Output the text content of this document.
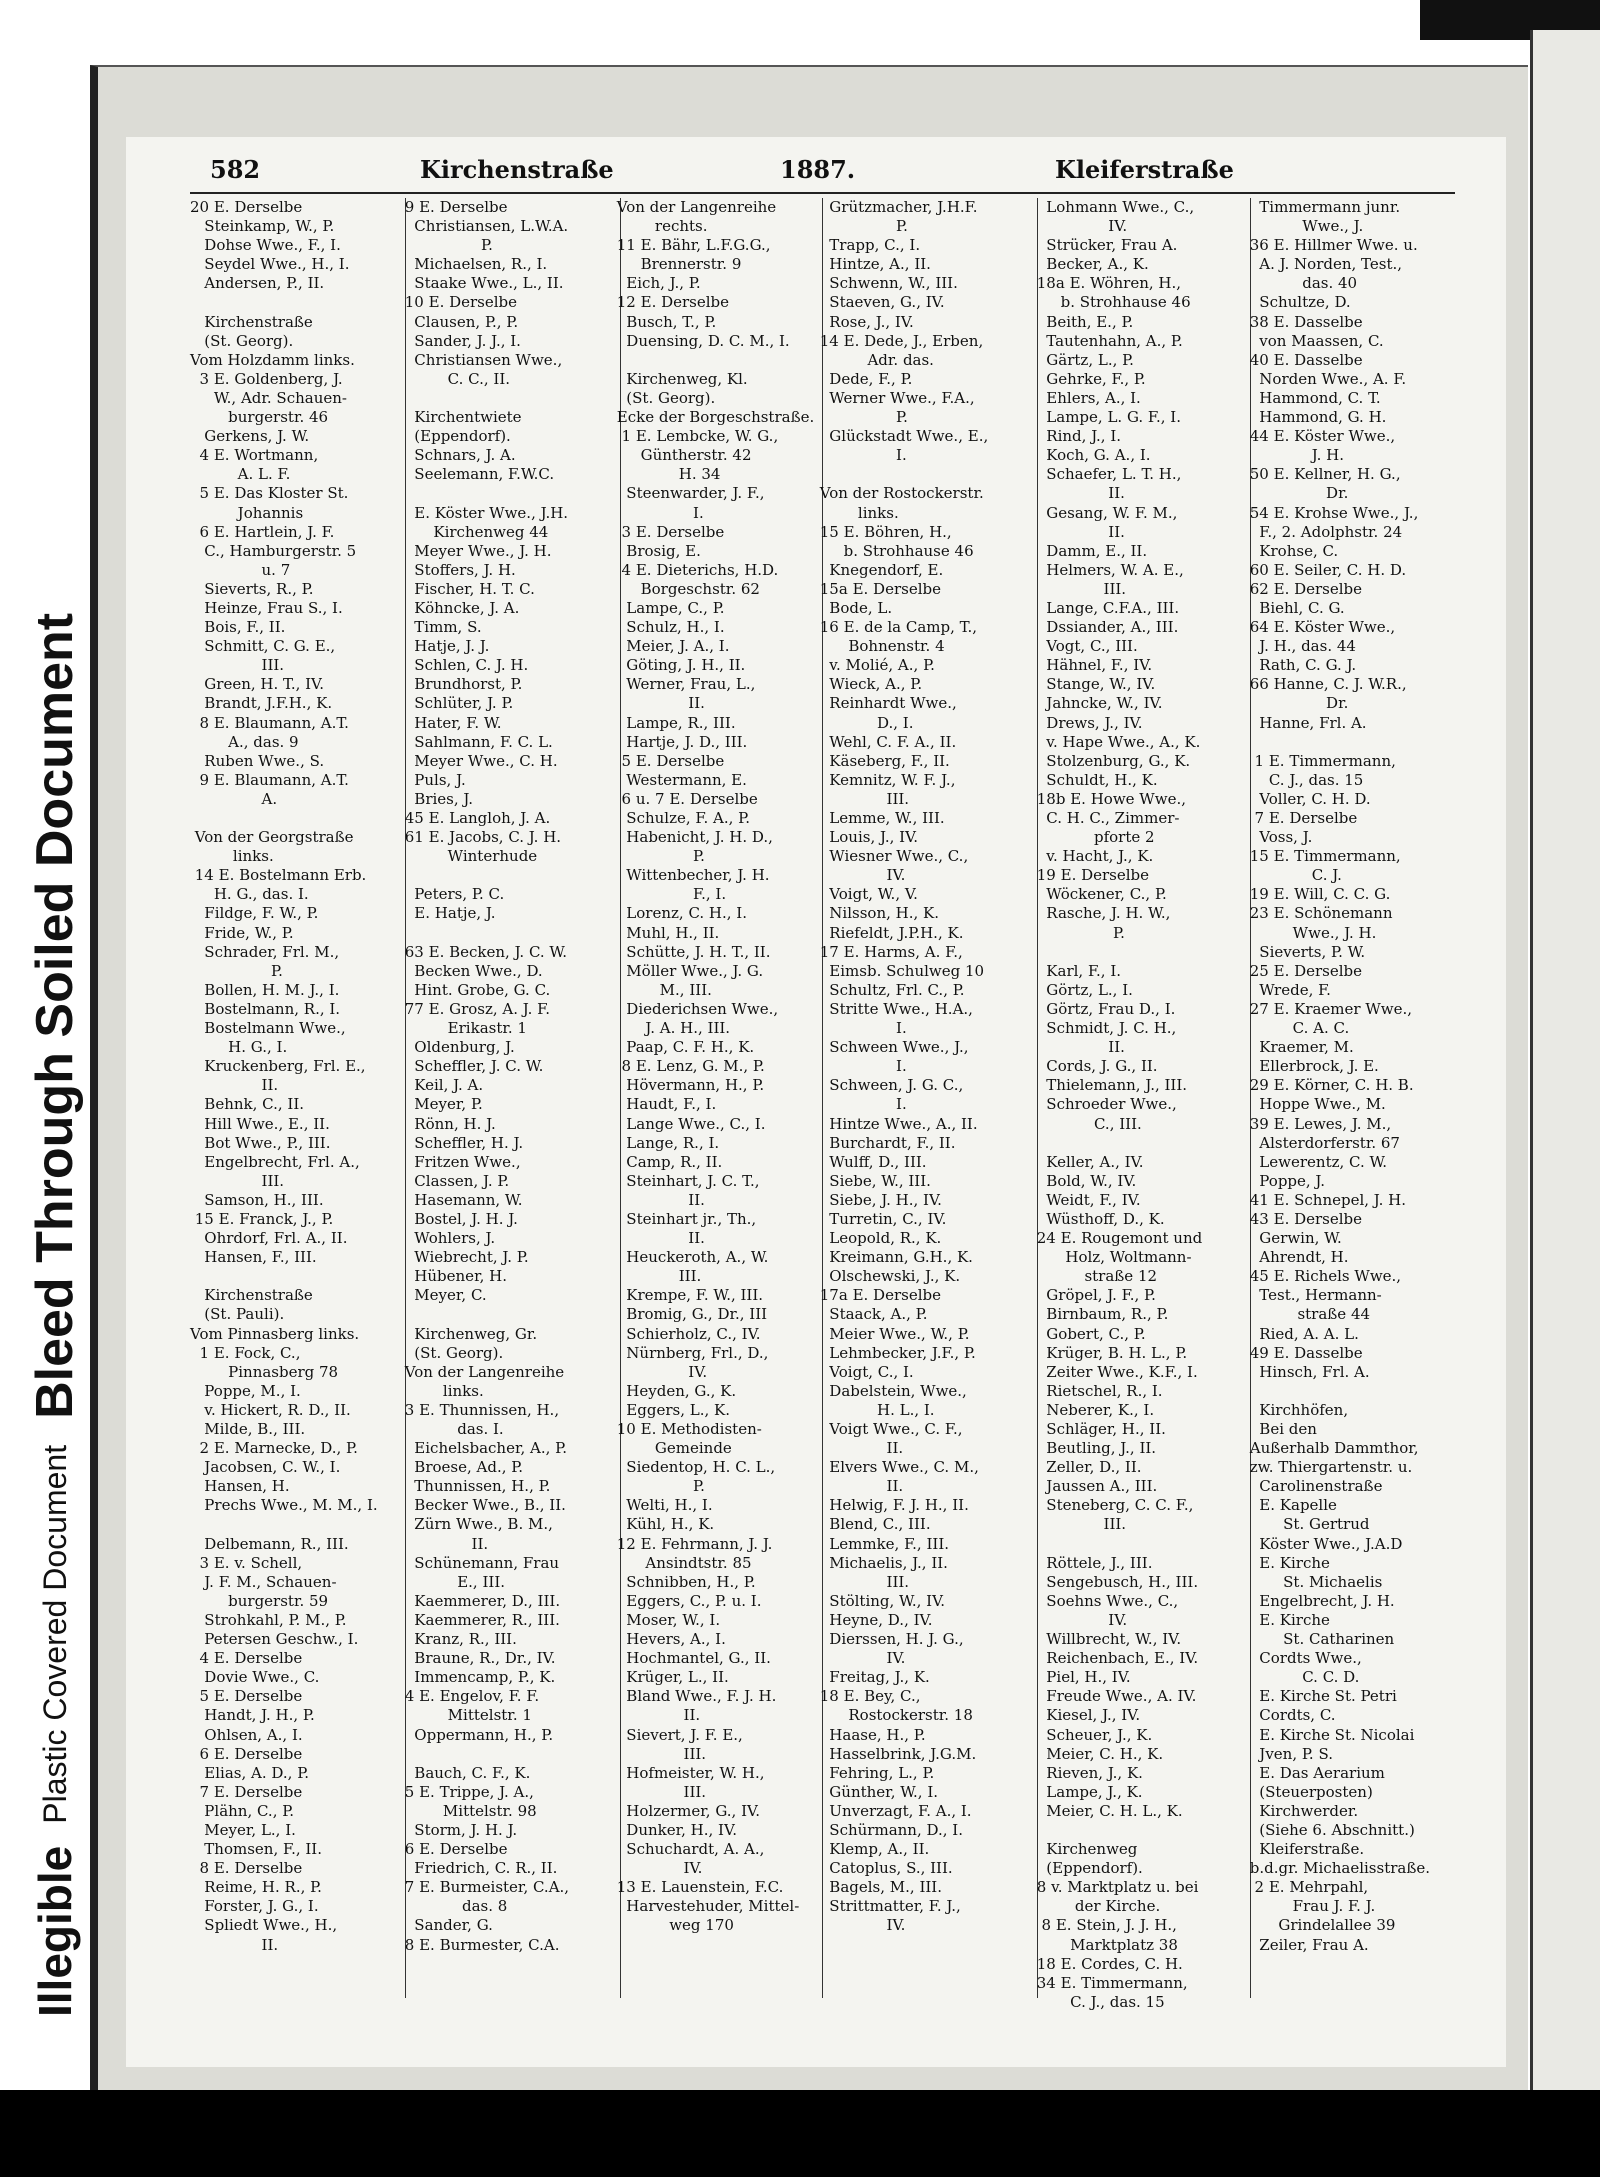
Illegible
Plastic Covered Document
Bleed Through Soiled Document
582	Kirchenstraße	1887.	Kleiferstraße
20 E. Derselbe
Steinkamp, W., P.
Dohse Wwe., F., I.
Seydel Wwe., H., I.
Andersen, P., II.
Kirchenstraße
(St. Georg).
Vom Holzdamm links.
3 E. Goldenberg, J.
W., Adr. Schauen-
burgerstr. 46
Gerkens, J. W.
4 E. Wortmann,
A. L. F.
5 E. Das Kloster St.
Johannis
6 E. Hartlein, J. F.
C., Hamburgerstr. 5
u. 7
Sieverts, R., P.
Heinze, Frau S., I.
Bois, F., II.
Schmitt, C. G. E.,
III.
Green, H. T., IV.
Brandt, J.F.H., K.
8 E. Blaumann, A.T.
A., das. 9
Ruben Wwe., S.
9 E. Blaumann, A.T.
A.
Von der Georgstraße
links.
14 E. Bostelmann Erb.
H. G., das. I.
Fildge, F. W., P.
Fride, W., P.
Schrader, Frl. M.,
P.
Bollen, H. M. J., I.
Bostelmann, R., I.
Bostelmann Wwe.,
H. G., I.
Kruckenberg, Frl. E.,
II.
Behnk, C., II.
Hill Wwe., E., II.
Bot Wwe., P., III.
Engelbrecht, Frl. A.,
III.
Samson, H., III.
15 E. Franck, J., P.
Ohrdorf, Frl. A., II.
Hansen, F., III.
Kirchenstraße
(St. Pauli).
Vom Pinnasberg links.
1 E. Fock, C.,
Pinnasberg 78
Poppe, M., I.
v. Hickert, R. D., II.
Milde, B., III.
2 E. Marnecke, D., P.
Jacobsen, C. W., I.
Hansen, H.
Prechs Wwe., M. M., I.
Delbemann, R., III.
3 E. v. Schell,
J. F. M., Schauen-
burgerstr. 59
Strohkahl, P. M., P.
Petersen Geschw., I.
4 E. Derselbe
Dovie Wwe., C.
5 E. Derselbe
Handt, J. H., P.
Ohlsen, A., I.
6 E. Derselbe
Elias, A. D., P.
7 E. Derselbe
Plähn, C., P.
Meyer, L., I.
Thomsen, F., II.
8 E. Derselbe
Reime, H. R., P.
Forster, J. G., I.
Spliedt Wwe., H.,
II.
9 E. Derselbe
Christiansen, L.W.A.
P.
Michaelsen, R., I.
Staake Wwe., L., II.
10 E. Derselbe
Clausen, P., P.
Sander, J. J., I.
Christiansen Wwe.,
C. C., II.
Kirchentwiete
(Eppendorf).
Schnars, J. A.
Seelemann, F.W.C.
E. Köster Wwe., J.H.
Kirchenweg 44
Meyer Wwe., J. H.
Stoffers, J. H.
Fischer, H. T. C.
Köhncke, J. A.
Timm, S.
Hatje, J. J.
Schlen, C. J. H.
Brundhorst, P.
Schlüter, J. P.
Hater, F. W.
Sahlmann, F. C. L.
Meyer Wwe., C. H.
Puls, J.
Bries, J.
45 E. Langloh, J. A.
61 E. Jacobs, C. J. H.
Winterhude
Peters, P. C.
E. Hatje, J.
63 E. Becken, J. C. W.
Becken Wwe., D.
Hint. Grobe, G. C.
77 E. Grosz, A. J. F.
Erikastr. 1
Oldenburg, J.
Scheffler, J. C. W.
Keil, J. A.
Meyer, P.
Rönn, H. J.
Scheffler, H. J.
Fritzen Wwe.,
Classen, J. P.
Hasemann, W.
Bostel, J. H. J.
Wohlers, J.
Wiebrecht, J. P.
Hübener, H.
Meyer, C.
Kirchenweg, Gr.
(St. Georg).
Von der Langenreihe
links.
3 E. Thunnissen, H.,
das. I.
Eichelsbacher, A., P.
Broese, Ad., P.
Thunnissen, H., P.
Becker Wwe., B., II.
Zürn Wwe., B. M.,
II.
Schünemann, Frau
E., III.
Kaemmerer, D., III.
Kaemmerer, R., III.
Kranz, R., III.
Braune, R., Dr., IV.
Immencamp, P., K.
4 E. Engelov, F. F.
Mittelstr. 1
Oppermann, H., P.
Bauch, C. F., K.
5 E. Trippe, J. A.,
Mittelstr. 98
Storm, J. H. J.
6 E. Derselbe
Friedrich, C. R., II.
7 E. Burmeister, C.A.,
das. 8
Sander, G.
8 E. Burmester, C.A.
Von der Langenreihe
rechts.
11 E. Bähr, L.F.G.G.,
Brennerstr. 9
Eich, J., P.
12 E. Derselbe
Busch, T., P.
Duensing, D. C. M., I.
Kirchenweg, Kl.
(St. Georg).
Ecke der Borgeschstraße.
1 E. Lembcke, W. G.,
Güntherstr. 42
H. 34
Steenwarder, J. F.,
I.
3 E. Derselbe
Brosig, E.
4 E. Dieterichs, H.D.
Borgeschstr. 62
Lampe, C., P.
Schulz, H., I.
Meier, J. A., I.
Göting, J. H., II.
Werner, Frau, L.,
II.
Lampe, R., III.
Hartje, J. D., III.
5 E. Derselbe
Westermann, E.
6 u. 7 E. Derselbe
Schulze, F. A., P.
Habenicht, J. H. D.,
P.
Wittenbecher, J. H.
F., I.
Lorenz, C. H., I.
Muhl, H., II.
Schütte, J. H. T., II.
Möller Wwe., J. G.
M., III.
Diederichsen Wwe.,
J. A. H., III.
Paap, C. F. H., K.
8 E. Lenz, G. M., P.
Hövermann, H., P.
Haudt, F., I.
Lange Wwe., C., I.
Lange, R., I.
Camp, R., II.
Steinhart, J. C. T.,
II.
Steinhart jr., Th.,
II.
Heuckeroth, A., W.
III.
Krempe, F. W., III.
Bromig, G., Dr., III
Schierholz, C., IV.
Nürnberg, Frl., D.,
IV.
Heyden, G., K.
Eggers, L., K.
10 E. Methodisten-
Gemeinde
Siedentop, H. C. L.,
P.
Welti, H., I.
Kühl, H., K.
12 E. Fehrmann, J. J.
Ansindtstr. 85
Schnibben, H., P.
Eggers, C., P. u. I.
Moser, W., I.
Hevers, A., I.
Hochmantel, G., II.
Krüger, L., II.
Bland Wwe., F. J. H.
II.
Sievert, J. F. E.,
III.
Hofmeister, W. H.,
III.
Holzermer, G., IV.
Dunker, H., IV.
Schuchardt, A. A.,
IV.
13 E. Lauenstein, F.C.
Harvestehuder, Mittel-
weg 170
Grützmacher, J.H.F.
P.
Trapp, C., I.
Hintze, A., II.
Schwenn, W., III.
Staeven, G., IV.
Rose, J., IV.
14 E. Dede, J., Erben,
Adr. das.
Dede, F., P.
Werner Wwe., F.A.,
P.
Glückstadt Wwe., E.,
I.
Von der Rostockerstr.
links.
15 E. Böhren, H.,
b. Strohhause 46
Knegendorf, E.
15a E. Derselbe
Bode, L.
16 E. de la Camp, T.,
Bohnenstr. 4
v. Molié, A., P.
Wieck, A., P.
Reinhardt Wwe.,
D., I.
Wehl, C. F. A., II.
Käseberg, F., II.
Kemnitz, W. F. J.,
III.
Lemme, W., III.
Louis, J., IV.
Wiesner Wwe., C.,
IV.
Voigt, W., V.
Nilsson, H., K.
Riefeldt, J.P.H., K.
17 E. Harms, A. F.,
Eimsb. Schulweg 10
Schultz, Frl. C., P.
Stritte Wwe., H.A.,
I.
Schween Wwe., J.,
I.
Schween, J. G. C.,
I.
Hintze Wwe., A., II.
Burchardt, F., II.
Wulff, D., III.
Siebe, W., III.
Siebe, J. H., IV.
Turretin, C., IV.
Leopold, R., K.
Kreimann, G.H., K.
Olschewski, J., K.
17a E. Derselbe
Staack, A., P.
Meier Wwe., W., P.
Lehmbecker, J.F., P.
Voigt, C., I.
Dabelstein, Wwe.,
H. L., I.
Voigt Wwe., C. F.,
II.
Elvers Wwe., C. M.,
II.
Helwig, F. J. H., II.
Blend, C., III.
Lemmke, F., III.
Michaelis, J., II.
III.
Stölting, W., IV.
Heyne, D., IV.
Dierssen, H. J. G.,
IV.
Freitag, J., K.
18 E. Bey, C.,
Rostockerstr. 18
Haase, H., P.
Hasselbrink, J.G.M.
Fehring, L., P.
Günther, W., I.
Unverzagt, F. A., I.
Schürmann, D., I.
Klemp, A., II.
Catoplus, S., III.
Bagels, M., III.
Strittmatter, F. J.,
IV.
Lohmann Wwe., C.,
IV.
Strücker, Frau A.
Becker, A., K.
18a E. Wöhren, H.,
b. Strohhause 46
Beith, E., P.
Tautenhahn, A., P.
Gärtz, L., P.
Gehrke, F., P.
Ehlers, A., I.
Lampe, L. G. F., I.
Rind, J., I.
Koch, G. A., I.
Schaefer, L. T. H.,
II.
Gesang, W. F. M.,
II.
Damm, E., II.
Helmers, W. A. E.,
III.
Lange, C.F.A., III.
Dssiander, A., III.
Vogt, C., III.
Hähnel, F., IV.
Stange, W., IV.
Jahncke, W., IV.
Drews, J., IV.
v. Hape Wwe., A., K.
Stolzenburg, G., K.
Schuldt, H., K.
18b E. Howe Wwe.,
C. H. C., Zimmer-
pforte 2
v. Hacht, J., K.
19 E. Derselbe
Wöckener, C., P.
Rasche, J. H. W.,
P.
Karl, F., I.
Görtz, L., I.
Görtz, Frau D., I.
Schmidt, J. C. H.,
II.
Cords, J. G., II.
Thielemann, J., III.
Schroeder Wwe.,
C., III.
Keller, A., IV.
Bold, W., IV.
Weidt, F., IV.
Wüsthoff, D., K.
24 E. Rougemont und
Holz, Woltmann-
straße 12
Gröpel, J. F., P.
Birnbaum, R., P.
Gobert, C., P.
Krüger, B. H. L., P.
Zeiter Wwe., K.F., I.
Rietschel, R., I.
Neberer, K., I.
Schläger, H., II.
Beutling, J., II.
Zeller, D., II.
Jaussen A., III.
Steneberg, C. C. F.,
III.
Röttele, J., III.
Sengebusch, H., III.
Soehns Wwe., C.,
IV.
Willbrecht, W., IV.
Reichenbach, E., IV.
Piel, H., IV.
Freude Wwe., A. IV.
Kiesel, J., IV.
Scheuer, J., K.
Meier, C. H., K.
Rieven, J., K.
Lampe, J., K.
Meier, C. H. L., K.
Kirchenweg
(Eppendorf).
8 v. Marktplatz u. bei
der Kirche.
8 E. Stein, J. J. H.,
Marktplatz 38
18 E. Cordes, C. H.
34 E. Timmermann,
C. J., das. 15
Timmermann junr.
Wwe., J.
36 E. Hillmer Wwe. u.
A. J. Norden, Test.,
das. 40
Schultze, D.
38 E. Dasselbe
von Maassen, C.
40 E. Dasselbe
Norden Wwe., A. F.
Hammond, C. T.
Hammond, G. H.
44 E. Köster Wwe.,
J. H.
50 E. Kellner, H. G.,
Dr.
54 E. Krohse Wwe., J.,
F., 2. Adolphstr. 24
Krohse, C.
60 E. Seiler, C. H. D.
62 E. Derselbe
Biehl, C. G.
64 E. Köster Wwe.,
J. H., das. 44
Rath, C. G. J.
66 Hanne, C. J. W.R.,
Dr.
Hanne, Frl. A.
1 E. Timmermann,
C. J., das. 15
Voller, C. H. D.
7 E. Derselbe
Voss, J.
15 E. Timmermann,
C. J.
19 E. Will, C. C. G.
23 E. Schönemann
Wwe., J. H.
Sieverts, P. W.
25 E. Derselbe
Wrede, F.
27 E. Kraemer Wwe.,
C. A. C.
Kraemer, M.
Ellerbrock, J. E.
29 E. Körner, C. H. B.
Hoppe Wwe., M.
39 E. Lewes, J. M.,
Alsterdorferstr. 67
Lewerentz, C. W.
Poppe, J.
41 E. Schnepel, J. H.
43 E. Derselbe
Gerwin, W.
Ahrendt, H.
45 E. Richels Wwe.,
Test., Hermann-
straße 44
Ried, A. A. L.
49 E. Dasselbe
Hinsch, Frl. A.
Kirchhöfen,
Bei den
Außerhalb Dammthor,
zw. Thiergartenstr. u.
Carolinenstraße
E. Kapelle
St. Gertrud
Köster Wwe., J.A.D
E. Kirche
St. Michaelis
Engelbrecht, J. H.
E. Kirche
St. Catharinen
Cordts Wwe.,
C. C. D.
E. Kirche St. Petri
Cordts, C.
E. Kirche St. Nicolai
Jven, P. S.
E. Das Aerarium
(Steuerposten)
Kirchwerder.
(Siehe 6. Abschnitt.)
Kleiferstraße.
b.d.gr. Michaelisstraße.
2 E. Mehrpahl,
Frau J. F. J.
Grindelallee 39
Zeiler, Frau A.
